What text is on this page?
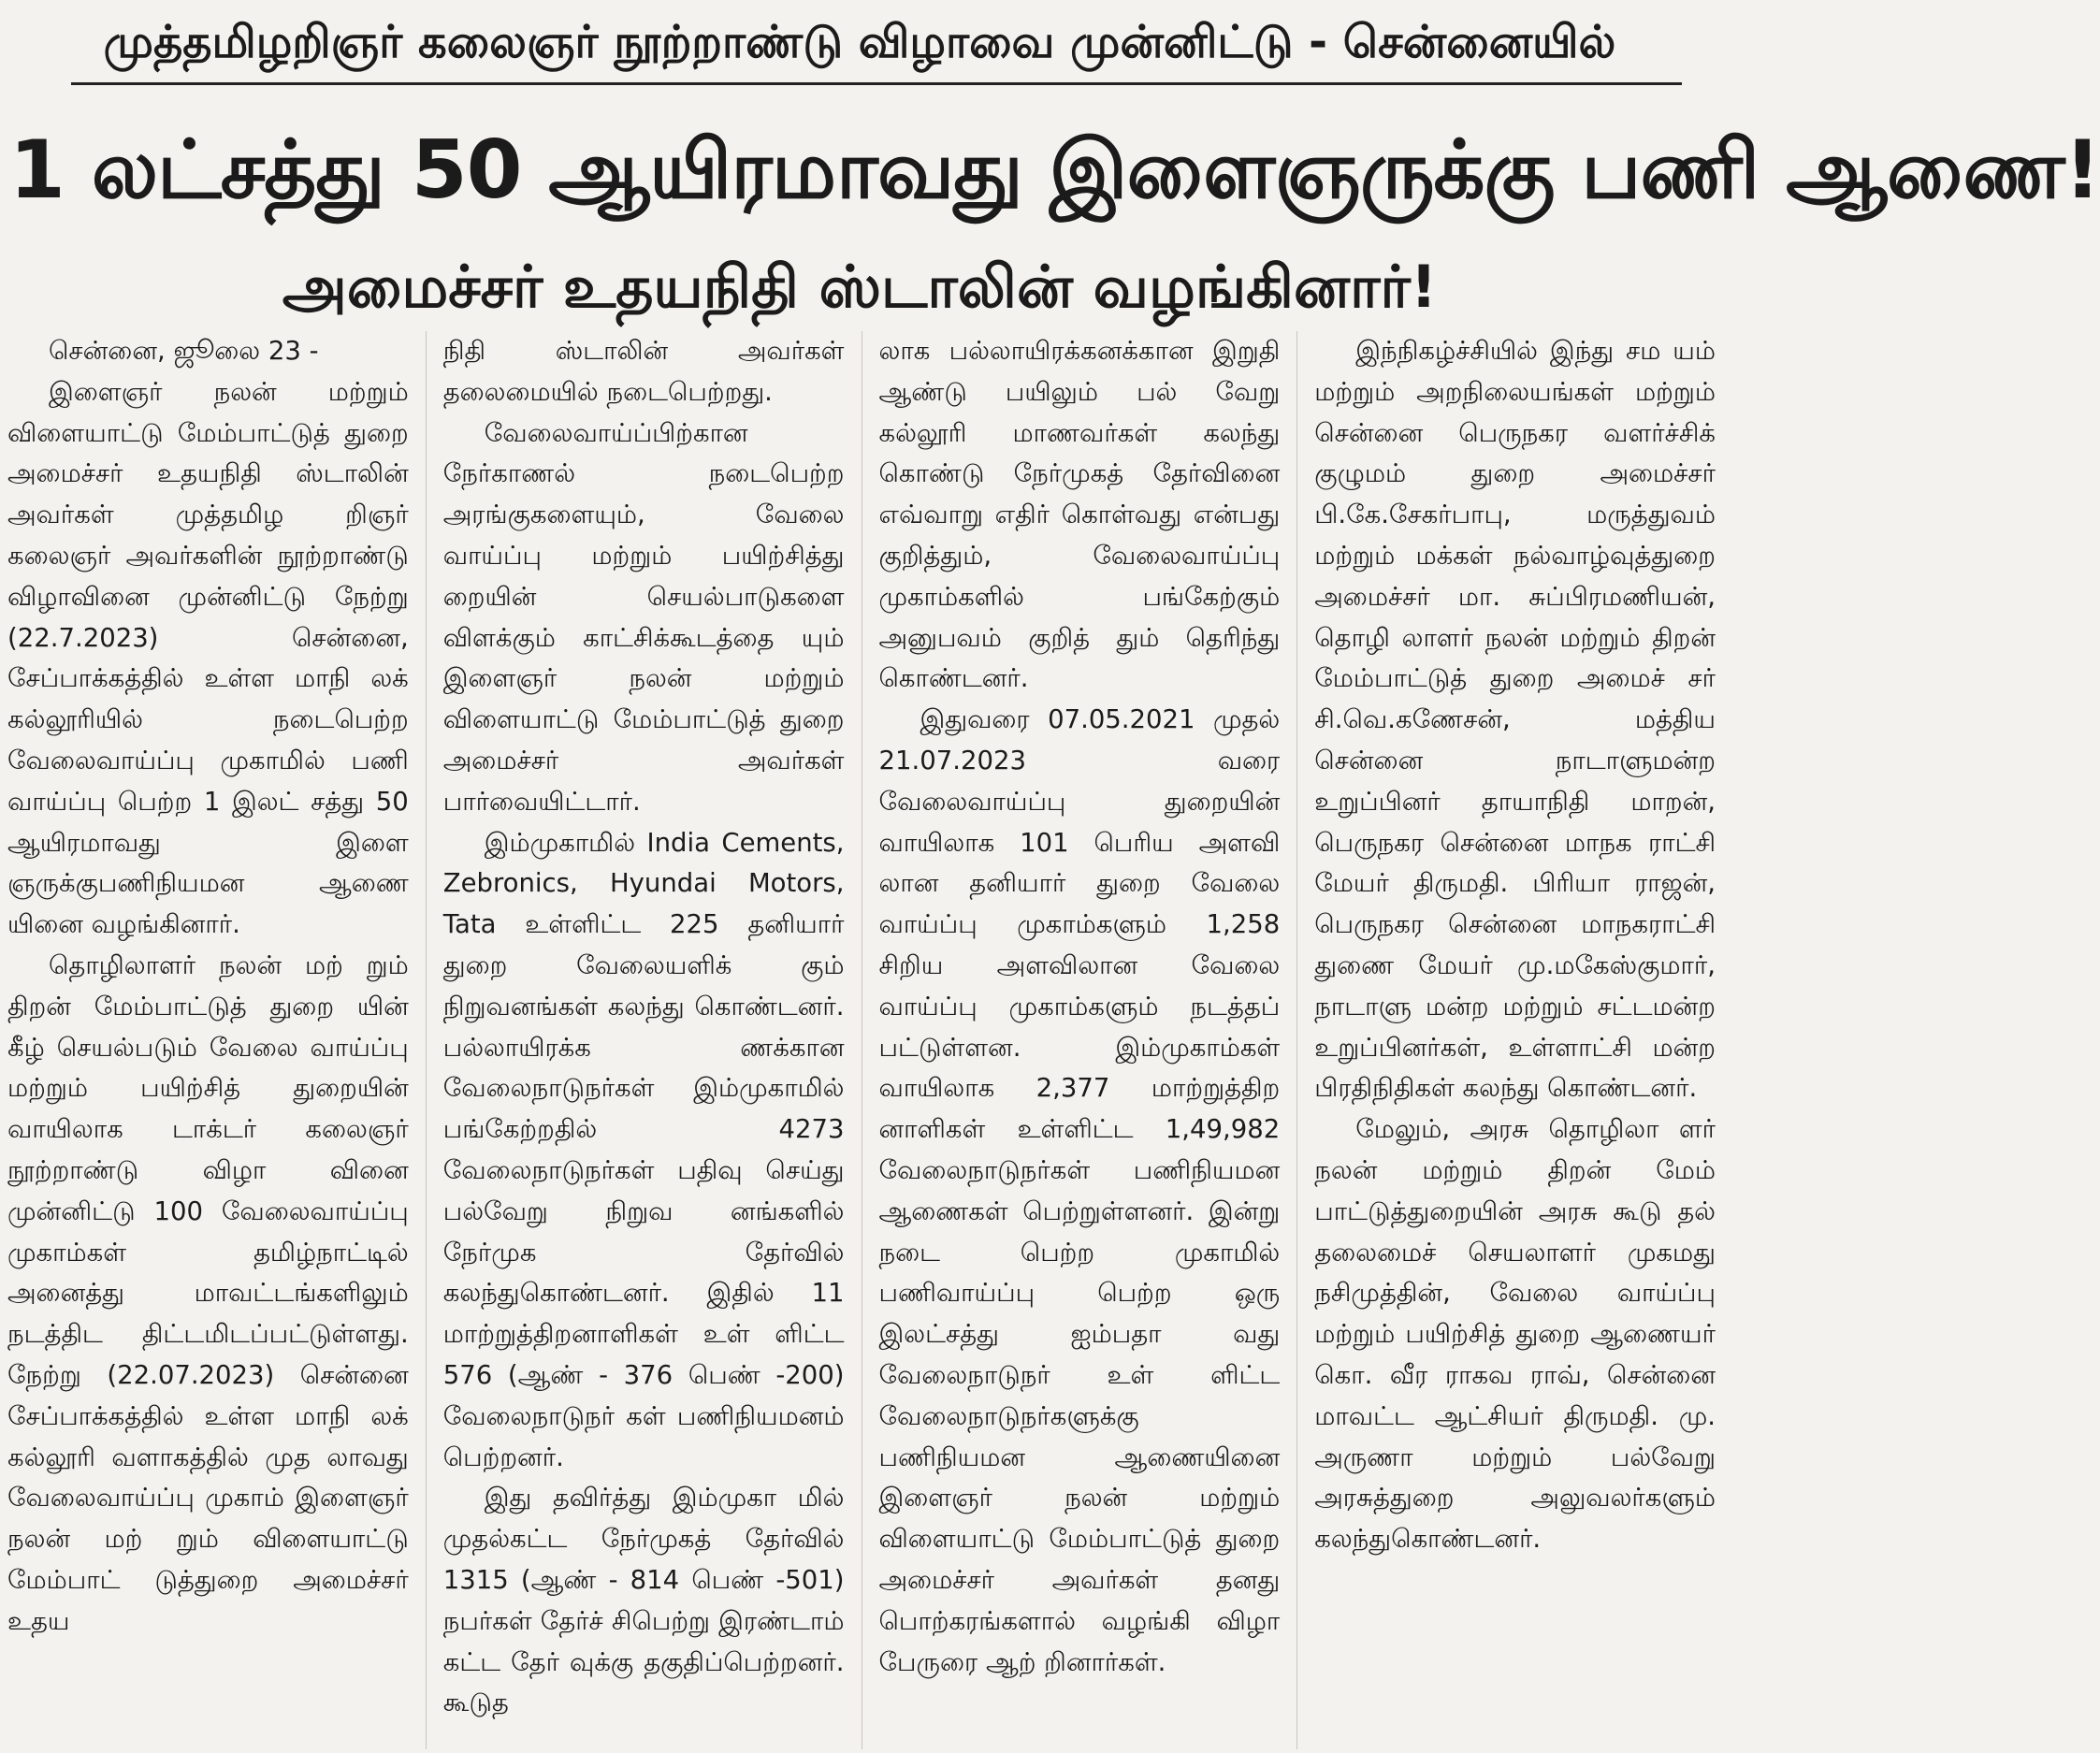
முத்தமிழறிஞர் கலைஞர் நூற்றாண்டு விழாவை முன்னிட்டு - சென்னையில்
1 லட்சத்து 50 ஆயிரமாவது இளைஞருக்கு பணி ஆணை!
அமைச்சர் உதயநிதி ஸ்டாலின் வழங்கினார்!

சென்னை, ஜூலை 23 -

இளைஞர் நலன் மற்றும் விளையாட்டு மேம்பாட்டுத் துறை அமைச்சர் உதயநிதி ஸ்டாலின் அவர்கள் முத்தமிழ றிஞர் கலைஞர் அவர்களின் நூற்றாண்டு விழாவினை முன்னிட்டு நேற்று (22.7.2023) சென்னை, சேப்பாக்கத்தில் உள்ள மாநி லக் கல்லூரியில் நடைபெற்ற வேலைவாய்ப்பு முகாமில் பணி வாய்ப்பு பெற்ற 1 இலட் சத்து 50 ஆயிரமாவது இளை ஞருக்குபணிநியமன ஆணை யினை வழங்கினார்.

தொழிலாளர் நலன் மற் றும் திறன் மேம்பாட்டுத் துறை யின் கீழ் செயல்படும் வேலை வாய்ப்பு மற்றும் பயிற்சித் துறையின் வாயிலாக டாக்டர் கலைஞர் நூற்றாண்டு விழா வினை முன்னிட்டு 100 வேலைவாய்ப்பு முகாம்கள் தமிழ்நாட்டில் அனைத்து மாவட்டங்களிலும் நடத்திட திட்டமிடப்பட்டுள்ளது. நேற்று (22.07.2023) சென்னை சேப்பாக்கத்தில் உள்ள மாநி லக் கல்லூரி வளாகத்தில் முத லாவது வேலைவாய்ப்பு முகாம் இளைஞர் நலன் மற் றும் விளையாட்டு மேம்பாட் டுத்துறை அமைச்சர் உதய

நிதி ஸ்டாலின் அவர்கள் தலைமையில் நடைபெற்றது.

வேலைவாய்ப்பிற்கான நேர்காணல் நடைபெற்ற அரங்குகளையும், வேலை வாய்ப்பு மற்றும் பயிற்சித்து றையின் செயல்பாடுகளை விளக்கும் காட்சிக்கூடத்தை யும் இளைஞர் நலன் மற்றும் விளையாட்டு மேம்பாட்டுத் துறை அமைச்சர் அவர்கள் பார்வையிட்டார்.

இம்முகாமில் India Cements, Zebronics, Hyundai Motors, Tata உள்ளிட்ட 225 தனியார் துறை வேலையளிக் கும் நிறுவனங்கள் கலந்து கொண்டனர். பல்லாயிரக்க ணக்கான வேலைநாடுநர்கள் இம்முகாமில் பங்கேற்றதில் 4273 வேலைநாடுநர்கள் பதிவு செய்து பல்வேறு நிறுவ னங்களில் நேர்முக தேர்வில் கலந்துகொண்டனர். இதில் 11 மாற்றுத்திறனாளிகள் உள் ளிட்ட 576 (ஆண் - 376 பெண் -200) வேலைநாடுநர் கள் பணிநியமனம் பெற்றனர்.

இது தவிர்த்து இம்முகா மில் முதல்கட்ட நேர்முகத் தேர்வில் 1315 (ஆண் - 814 பெண் -501) நபர்கள் தேர்ச் சிபெற்று இரண்டாம் கட்ட தேர் வுக்கு தகுதிப்பெற்றனர். கூடுத

லாக பல்லாயிரக்கனக்கான இறுதி ஆண்டு பயிலும் பல் வேறு கல்லூரி மாணவர்கள் கலந்து கொண்டு நேர்முகத் தேர்வினை எவ்வாறு எதிர் கொள்வது என்பது குறித்தும், வேலைவாய்ப்பு முகாம்களில் பங்கேற்கும் அனுபவம் குறித் தும் தெரிந்து கொண்டனர்.

இதுவரை 07.05.2021 முதல் 21.07.2023 வரை வேலைவாய்ப்பு துறையின் வாயிலாக 101 பெரிய அளவி லான தனியார் துறை வேலை வாய்ப்பு முகாம்களும் 1,258 சிறிய அளவிலான வேலை வாய்ப்பு முகாம்களும் நடத்தப் பட்டுள்ளன. இம்முகாம்கள் வாயிலாக 2,377 மாற்றுத்திற னாளிகள் உள்ளிட்ட 1,49,982 வேலைநாடுநர்கள் பணிநியமன ஆணைகள் பெற்றுள்ளனர். இன்று நடை பெற்ற முகாமில் பணிவாய்ப்பு பெற்ற ஒரு இலட்சத்து ஐம்பதா வது வேலைநாடுநர் உள் ளிட்ட வேலைநாடுநர்களுக்கு பணிநியமன ஆணையினை இளைஞர் நலன் மற்றும் விளையாட்டு மேம்பாட்டுத் துறை அமைச்சர் அவர்கள் தனது பொற்கரங்களால் வழங்கி விழா பேருரை ஆற் றினார்கள்.

இந்நிகழ்ச்சியில் இந்து சம யம் மற்றும் அறநிலையங்கள் மற்றும் சென்னை பெருநகர வளர்ச்சிக் குழுமம் துறை அமைச்சர் பி.கே.சேகர்பாபு, மருத்துவம் மற்றும் மக்கள் நல்வாழ்வுத்துறை அமைச்சர் மா. சுப்பிரமணியன், தொழி லாளர் நலன் மற்றும் திறன் மேம்பாட்டுத் துறை அமைச் சர் சி.வெ.கணேசன், மத்திய சென்னை நாடாளுமன்ற உறுப்பினர் தாயாநிதி மாறன், பெருநகர சென்னை மாநக ராட்சி மேயர் திருமதி. பிரியா ராஜன், பெருநகர சென்னை மாநகராட்சி துணை மேயர் மு.மகேஸ்குமார், நாடாளு மன்ற மற்றும் சட்டமன்ற உறுப்பினர்கள், உள்ளாட்சி மன்ற பிரதிநிதிகள் கலந்து கொண்டனர்.

மேலும், அரசு தொழிலா ளர் நலன் மற்றும் திறன் மேம் பாட்டுத்துறையின் அரசு கூடு தல் தலைமைச் செயலாளர் முகமது நசிமுத்தின், வேலை வாய்ப்பு மற்றும் பயிற்சித் துறை ஆணையர் கொ. வீர ராகவ ராவ், சென்னை மாவட்ட ஆட்சியர் திருமதி. மு. அருணா மற்றும் பல்வேறு அரசுத்துறை அலுவலர்களும் கலந்துகொண்டனர்.
